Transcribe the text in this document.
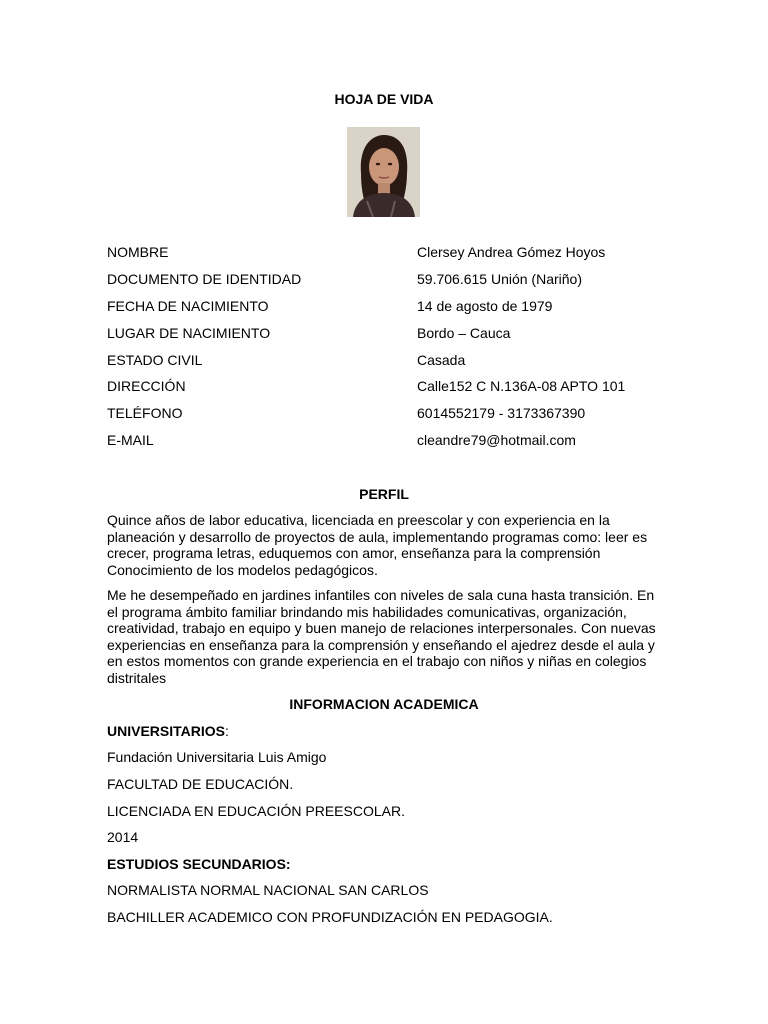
HOJA DE VIDA
NOMBRE	Clersey Andrea Gómez Hoyos
DOCUMENTO DE IDENTIDAD	59.706.615 Unión (Nariño)
FECHA DE NACIMIENTO	14 de agosto de 1979
LUGAR DE NACIMIENTO	Bordo – Cauca
ESTADO CIVIL	Casada
DIRECCIÓN	Calle152 C N.136A-08 APTO 101
TELÉFONO	6014552179 - 3173367390
E-MAIL	cleandre79@hotmail.com
PERFIL

Quince años de labor educativa, licenciada en preescolar y con experiencia en la planeación y desarrollo de proyectos de aula, implementando programas como: leer es crecer, programa letras, eduquemos con amor, enseñanza para la comprensión Conocimiento de los modelos pedagógicos.

Me he desempeñado en jardines infantiles con niveles de sala cuna hasta transición. En el programa ámbito familiar brindando mis habilidades comunicativas, organización, creatividad, trabajo en equipo y buen manejo de relaciones interpersonales. Con nuevas experiencias en enseñanza para la comprensión y enseñando el ajedrez desde el aula y en estos momentos con grande experiencia en el trabajo con niños y niñas en colegios distritales

INFORMACION ACADEMICA
UNIVERSITARIOS:
Fundación Universitaria Luis Amigo
FACULTAD DE EDUCACIÓN.
LICENCIADA EN EDUCACIÓN PREESCOLAR.
2014
ESTUDIOS SECUNDARIOS:
NORMALISTA NORMAL NACIONAL SAN CARLOS
BACHILLER ACADEMICO CON PROFUNDIZACIÓN EN PEDAGOGIA.
